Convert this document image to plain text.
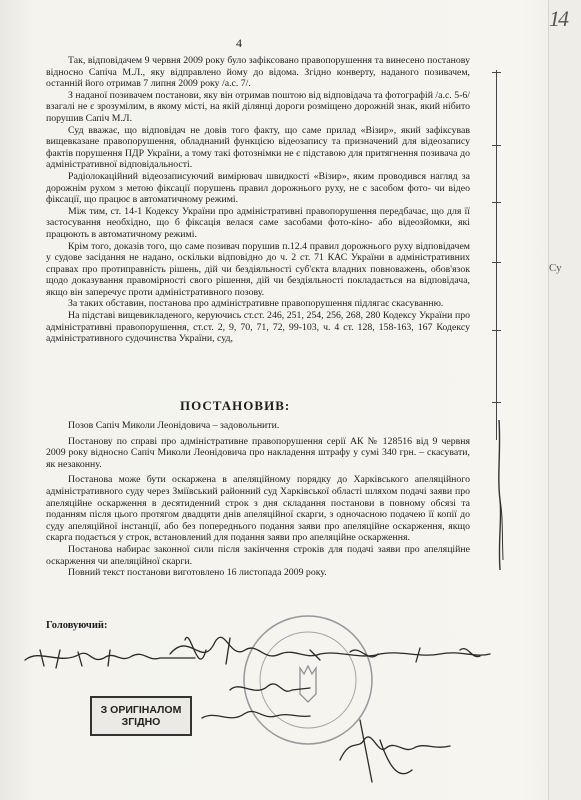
14
4
Су

Так, відповідачем 9 червня 2009 року було зафіксовано правопорушення та винесено постанову відносно Сапіча М.Л., яку відправлено йому до відома. Згідно конверту, наданого позивачем, останній його отримав 7 липня 2009 року /а.с. 7/.

З наданої позивачем постанови, яку він отримав поштою від відповідача та фотографій /а.с. 5-6/ взагалі не є зрозумілим, в якому місті, на якій ділянці дороги розміщено дорожній знак, який нібито порушив Сапіч М.Л.

Суд вважає, що відповідач не довів того факту, що саме прилад «Візир», який зафіксував вищевказане правопорушення, обладнаний функцією відеозапису та призначений для відеозапису фактів порушення ПДР України, а тому такі фотознімки не є підставою для притягнення позивача до адміністративної відповідальності.

Радіолокаційний відеозаписуючий вимірювач швидкості «Візир», яким проводився нагляд за дорожнім рухом з метою фіксації порушень правил дорожнього руху, не є засобом фото- чи відео фіксації, що працює в автоматичному режимі.

Між тим, ст. 14-1 Кодексу України про адміністративні правопорушення передбачає, що для її застосування необхідно, що б фіксація велася саме засобами фото-кіно- або відеозйомки, які працюють в автоматичному режимі.

Крім того, доказів того, що саме позивач порушив п.12.4 правил дорожнього руху відповідачем у судове засідання не надано, оскільки відповідно до ч. 2 ст. 71 КАС України в адміністративних справах про протиправність рішень, дій чи бездіяльності суб'єкта владних повноважень, обов'язок щодо доказування правомірності свого рішення, дій чи бездіяльності покладається на відповідача, якщо він заперечує проти адміністративного позову.

За таких обставин, постанова про адміністративне правопорушення підлягає скасуванню.

На підставі вищевикладеного, керуючись ст.ст. 246, 251, 254, 256, 268, 280 Кодексу України про адміністративні правопорушення, ст.ст. 2, 9, 70, 71, 72, 99-103, ч. 4 ст. 128, 158-163, 167 Кодексу адміністративного судочинства України, суд,

ПОСТАНОВИВ:

Позов Сапіч Миколи Леонідовича – задовольнити.

Постанову по справі про адміністративне правопорушення серії АК № 128516 від 9 червня 2009 року відносно Сапіч Миколи Леонідовича про накладення штрафу у сумі 340 грн. – скасувати, як незаконну.

Постанова може бути оскаржена в апеляційному порядку до Харківського апеляційного адміністративного суду через Зміївський районний суд Харківської області шляхом подачі заяви про апеляційне оскарження в десятиденний строк з дня складання постанови в повному обсязі та поданням після цього протягом двадцяти днів апеляційної скарги, з одночасною подачею її копії до суду апеляційної інстанції, або без попереднього подання заяви про апеляційне оскарження, якщо скарга подається у строк, встановлений для подання заяви про апеляційне оскарження.

Постанова набирає законної сили після закінчення строків для подачі заяви про апеляційне оскарження чи апеляційної скарги.

Повний текст постанови виготовлено 16 листопада 2009 року.

Головуючий:
З ОРИГІНАЛОМ
ЗГІДНО
